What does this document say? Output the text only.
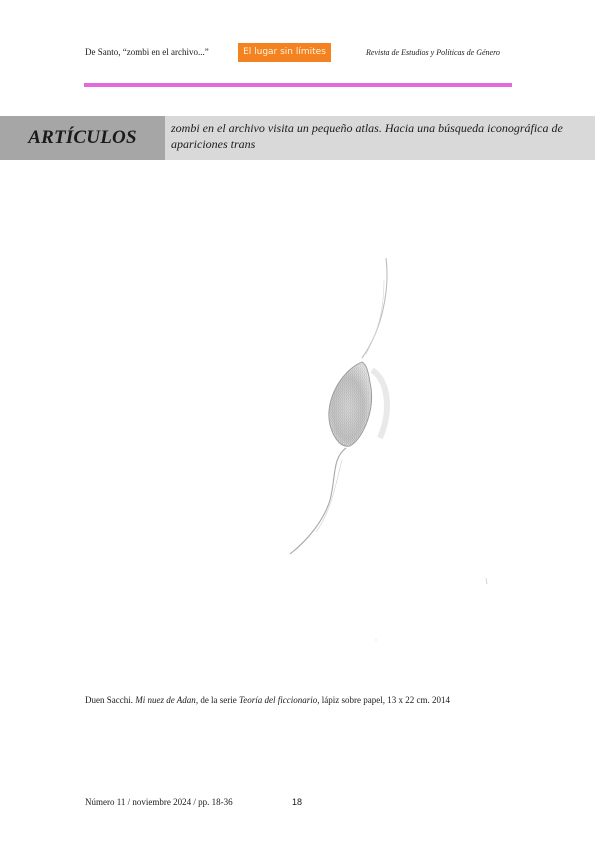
De Santo, “zombi en el archivo...”	El lugar sin límites	Revista de Estudios y Políticas de Género
ARTÍCULOS	zombi en el archivo visita un pequeño atlas. Hacia una búsqueda iconográfica de apariciones trans
Duen Sacchi. Mi nuez de Adan, de la serie Teoría del ficcionario, lápiz sobre papel, 13 x 22 cm. 2014
Número 11 / noviembre 2024 / pp. 18-36	18
